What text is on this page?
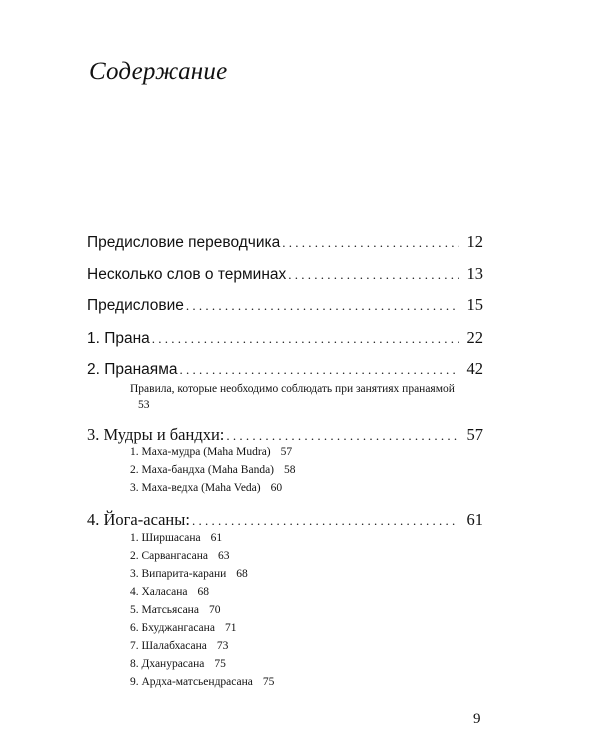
Содержание
Предисловие переводчика . . .	12
Несколько слов о терминах . . .	13
Предисловие . . .	15
1. Прана . . .	22
2. Пранаяма . . .	42
Правила, которые необходимо соблюдать при занятиях пранаямой 53
3. Мудры и бандхи: . . .	57
1. Маха-мудра (Maha Mudra) 57
2. Маха-бандха (Maha Banda) 58
3. Маха-ведха (Maha Veda) 60
4. Йога-асаны: . . .	61
1. Ширшасана 61
2. Сарвангасана 63
3. Випарита-карани 68
4. Халасана 68
5. Матсьясана 70
6. Бхуджангасана 71
7. Шалабхасана 73
8. Дханурасана 75
9. Ардха-матсьендрасана 75
9
